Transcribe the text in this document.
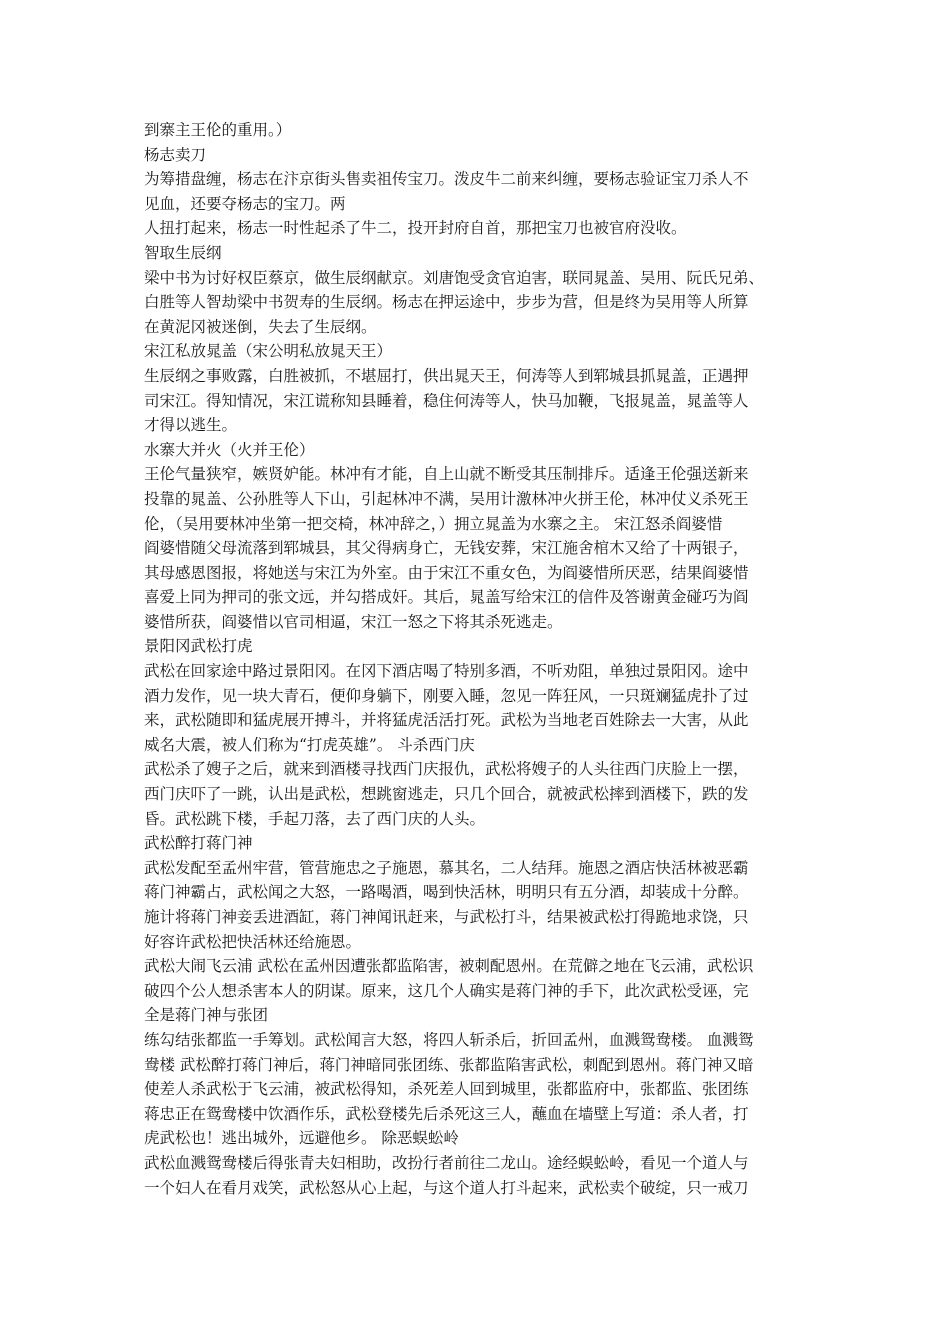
到寨主王伦的重用。）
杨志卖刀
为筹措盘缠，杨志在汴京街头售卖祖传宝刀。泼皮牛二前来纠缠，要杨志验证宝刀杀人不
见血，还要夺杨志的宝刀。两
人扭打起来，杨志一时性起杀了牛二，投开封府自首，那把宝刀也被官府没收。
智取生辰纲
梁中书为讨好权臣蔡京，做生辰纲献京。刘唐饱受贪官迫害，联同晁盖、吴用、阮氏兄弟、
白胜等人智劫梁中书贺寿的生辰纲。杨志在押运途中，步步为营，但是终为吴用等人所算
在黄泥冈被迷倒，失去了生辰纲。
宋江私放晁盖（宋公明私放晁天王）
生辰纲之事败露，白胜被抓，不堪屈打，供出晁天王，何涛等人到郓城县抓晁盖，正遇押
司宋江。得知情况，宋江谎称知县睡着，稳住何涛等人，快马加鞭，飞报晁盖，晁盖等人
才得以逃生。
水寨大并火（火并王伦）
王伦气量狭窄，嫉贤妒能。林冲有才能，自上山就不断受其压制排斥。适逢王伦强送新来
投靠的晁盖、公孙胜等人下山，引起林冲不满，吴用计激林冲火拼王伦，林冲仗义杀死王
伦，（吴用要林冲坐第一把交椅，林冲辞之，）拥立晁盖为水寨之主。 宋江怒杀阎婆惜
阎婆惜随父母流落到郓城县，其父得病身亡，无钱安葬，宋江施舍棺木又给了十两银子，
其母感恩图报，将她送与宋江为外室。由于宋江不重女色，为阎婆惜所厌恶，结果阎婆惜
喜爱上同为押司的张文远，并勾搭成奸。其后，晁盖写给宋江的信件及答谢黄金碰巧为阎
婆惜所获，阎婆惜以官司相逼，宋江一怒之下将其杀死逃走。
景阳冈武松打虎
武松在回家途中路过景阳冈。在冈下酒店喝了特别多酒，不听劝阻，单独过景阳冈。途中
酒力发作，见一块大青石，便仰身躺下，刚要入睡，忽见一阵狂风，一只斑斓猛虎扑了过
来，武松随即和猛虎展开搏斗，并将猛虎活活打死。武松为当地老百姓除去一大害，从此
威名大震，被人们称为“打虎英雄”。 斗杀西门庆
武松杀了嫂子之后，就来到酒楼寻找西门庆报仇，武松将嫂子的人头往西门庆脸上一摆，
西门庆吓了一跳，认出是武松，想跳窗逃走，只几个回合，就被武松摔到酒楼下，跌的发
昏。武松跳下楼，手起刀落，去了西门庆的人头。
武松醉打蒋门神
武松发配至孟州牢营，管营施忠之子施恩，慕其名，二人结拜。施恩之酒店快活林被恶霸
蒋门神霸占，武松闻之大怒，一路喝酒，喝到快活林，明明只有五分酒，却装成十分醉。
施计将蒋门神妾丢进酒缸，蒋门神闻讯赶来，与武松打斗，结果被武松打得跪地求饶，只
好容许武松把快活林还给施恩。
武松大闹飞云浦 武松在孟州因遭张都监陷害，被刺配恩州。在荒僻之地在飞云浦，武松识
破四个公人想杀害本人的阴谋。原来，这几个人确实是蒋门神的手下，此次武松受诬，完
全是蒋门神与张团
练勾结张都监一手筹划。武松闻言大怒，将四人斩杀后，折回孟州，血溅鸳鸯楼。 血溅鸳
鸯楼 武松醉打蒋门神后，蒋门神暗同张团练、张都监陷害武松，刺配到恩州。蒋门神又暗
使差人杀武松于飞云浦，被武松得知，杀死差人回到城里，张都监府中，张都监、张团练
蒋忠正在鸳鸯楼中饮酒作乐，武松登楼先后杀死这三人，蘸血在墙壁上写道：杀人者，打
虎武松也！逃出城外，远避他乡。 除恶蜈蚣岭
武松血溅鸳鸯楼后得张青夫妇相助，改扮行者前往二龙山。途经蜈蚣岭，看见一个道人与
一个妇人在看月戏笑，武松怒从心上起，与这个道人打斗起来，武松卖个破绽，只一戒刀
